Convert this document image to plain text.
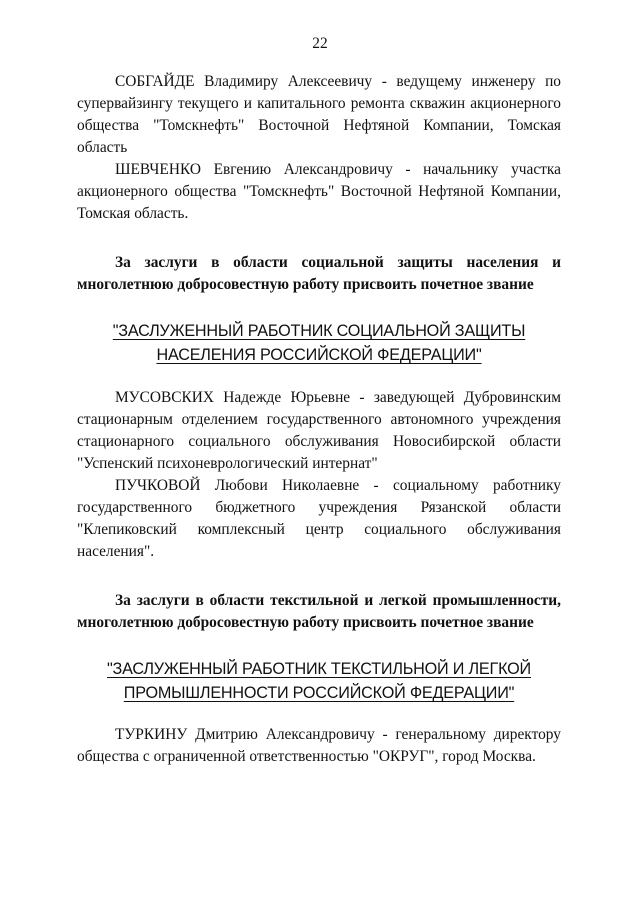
22

СОБГАЙДЕ Владимиру Алексеевичу - ведущему инженеру по супервайзингу текущего и капитального ремонта скважин акционерного общества "Томскнефть" Восточной Нефтяной Компании, Томская область

ШЕВЧЕНКО Евгению Александровичу - начальнику участка акционерного общества "Томскнефть" Восточной Нефтяной Компании, Томская область.

За заслуги в области социальной защиты населения и многолетнюю добросовестную работу присвоить почетное звание

"ЗАСЛУЖЕННЫЙ РАБОТНИК СОЦИАЛЬНОЙ ЗАЩИТЫ
НАСЕЛЕНИЯ РОССИЙСКОЙ ФЕДЕРАЦИИ"

МУСОВСКИХ Надежде Юрьевне - заведующей Дубровинским стационарным отделением государственного автономного учреждения стационарного социального обслуживания Новосибирской области "Успенский психоневрологический интернат"

ПУЧКОВОЙ Любови Николаевне - социальному работнику государственного бюджетного учреждения Рязанской области "Клепиковский комплексный центр социального обслуживания населения".

За заслуги в области текстильной и легкой промышленности, многолетнюю добросовестную работу присвоить почетное звание

"ЗАСЛУЖЕННЫЙ РАБОТНИК ТЕКСТИЛЬНОЙ И ЛЕГКОЙ
ПРОМЫШЛЕННОСТИ РОССИЙСКОЙ ФЕДЕРАЦИИ"

ТУРКИНУ Дмитрию Александровичу - генеральному директору общества с ограниченной ответственностью "ОКРУГ", город Москва.
